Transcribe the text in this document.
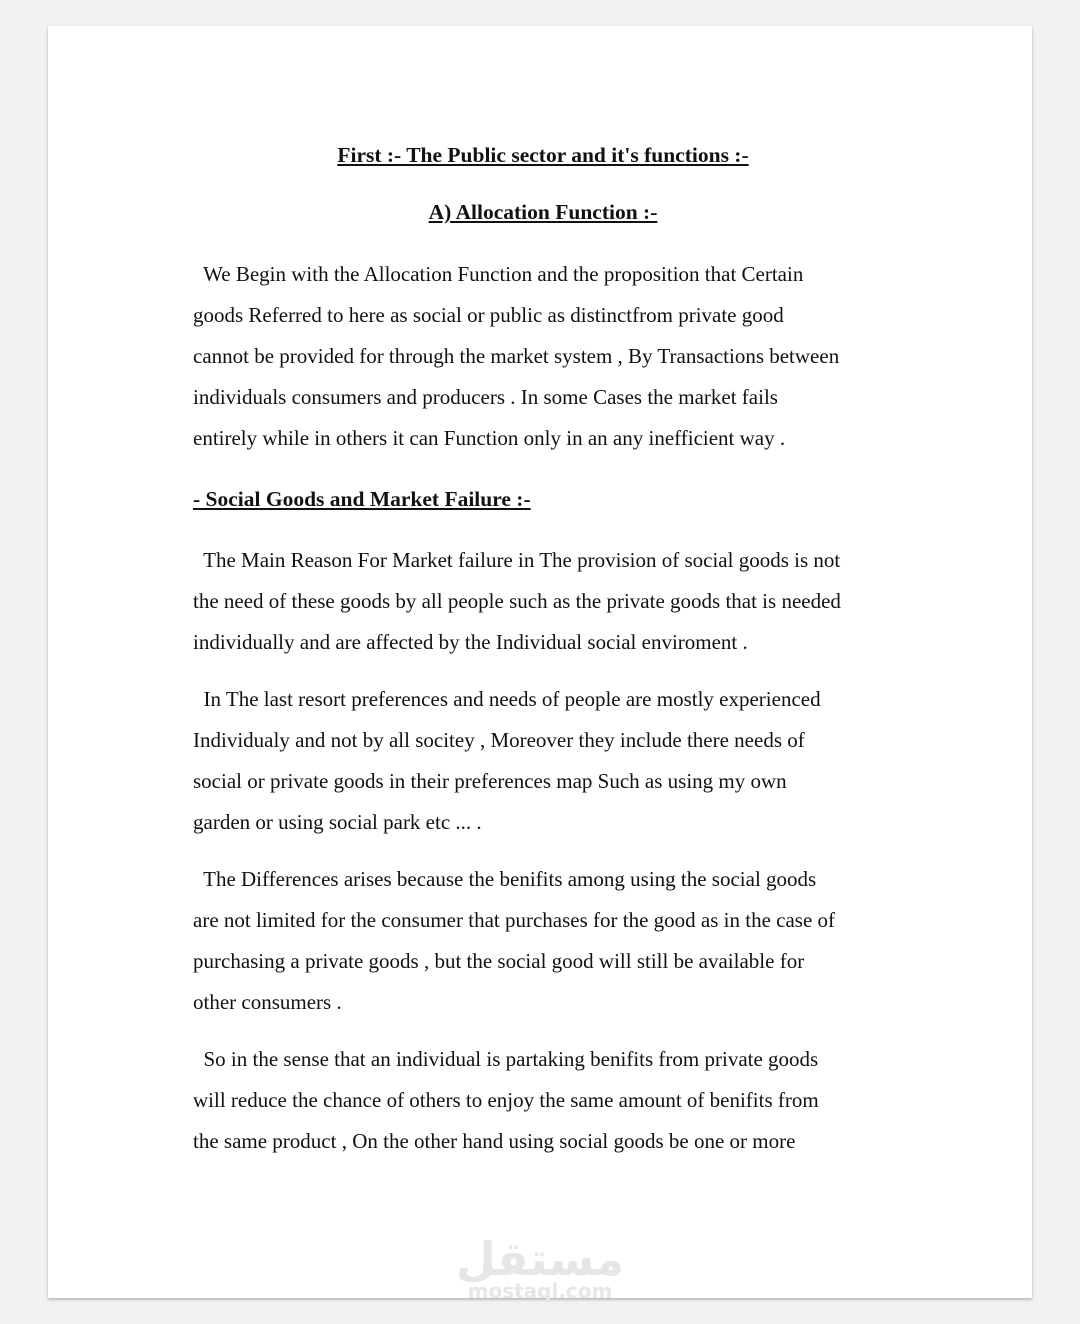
First :- The Public sector and it's functions :-
A) Allocation Function :-

We Begin with the Allocation Function and the proposition that Certain
goods Referred to here as social or public as distinctfrom private good
cannot be provided for through the market system , By Transactions between
individuals consumers and producers . In some Cases the market fails
entirely while in others it can Function only in an any inefficient way .

- Social Goods and Market Failure :-

The Main Reason For Market failure in The provision of social goods is not
the need of these goods by all people such as the private goods that is needed
individually and are affected by the Individual social enviroment .

In The last resort preferences and needs of people are mostly experienced
Individualy and not by all socitey , Moreover they include there needs of
social or private goods in their preferences map Such as using my own
garden or using social park etc ... .

The Differences arises because the benifits among using the social goods
are not limited for the consumer that purchases for the good as in the case of
purchasing a private goods , but the social good will still be available for
other consumers .

So in the sense that an individual is partaking benifits from private goods
will reduce the chance of others to enjoy the same amount of benifits from
the same product , On the other hand using social goods be one or more

مستقل
mostaql.com
